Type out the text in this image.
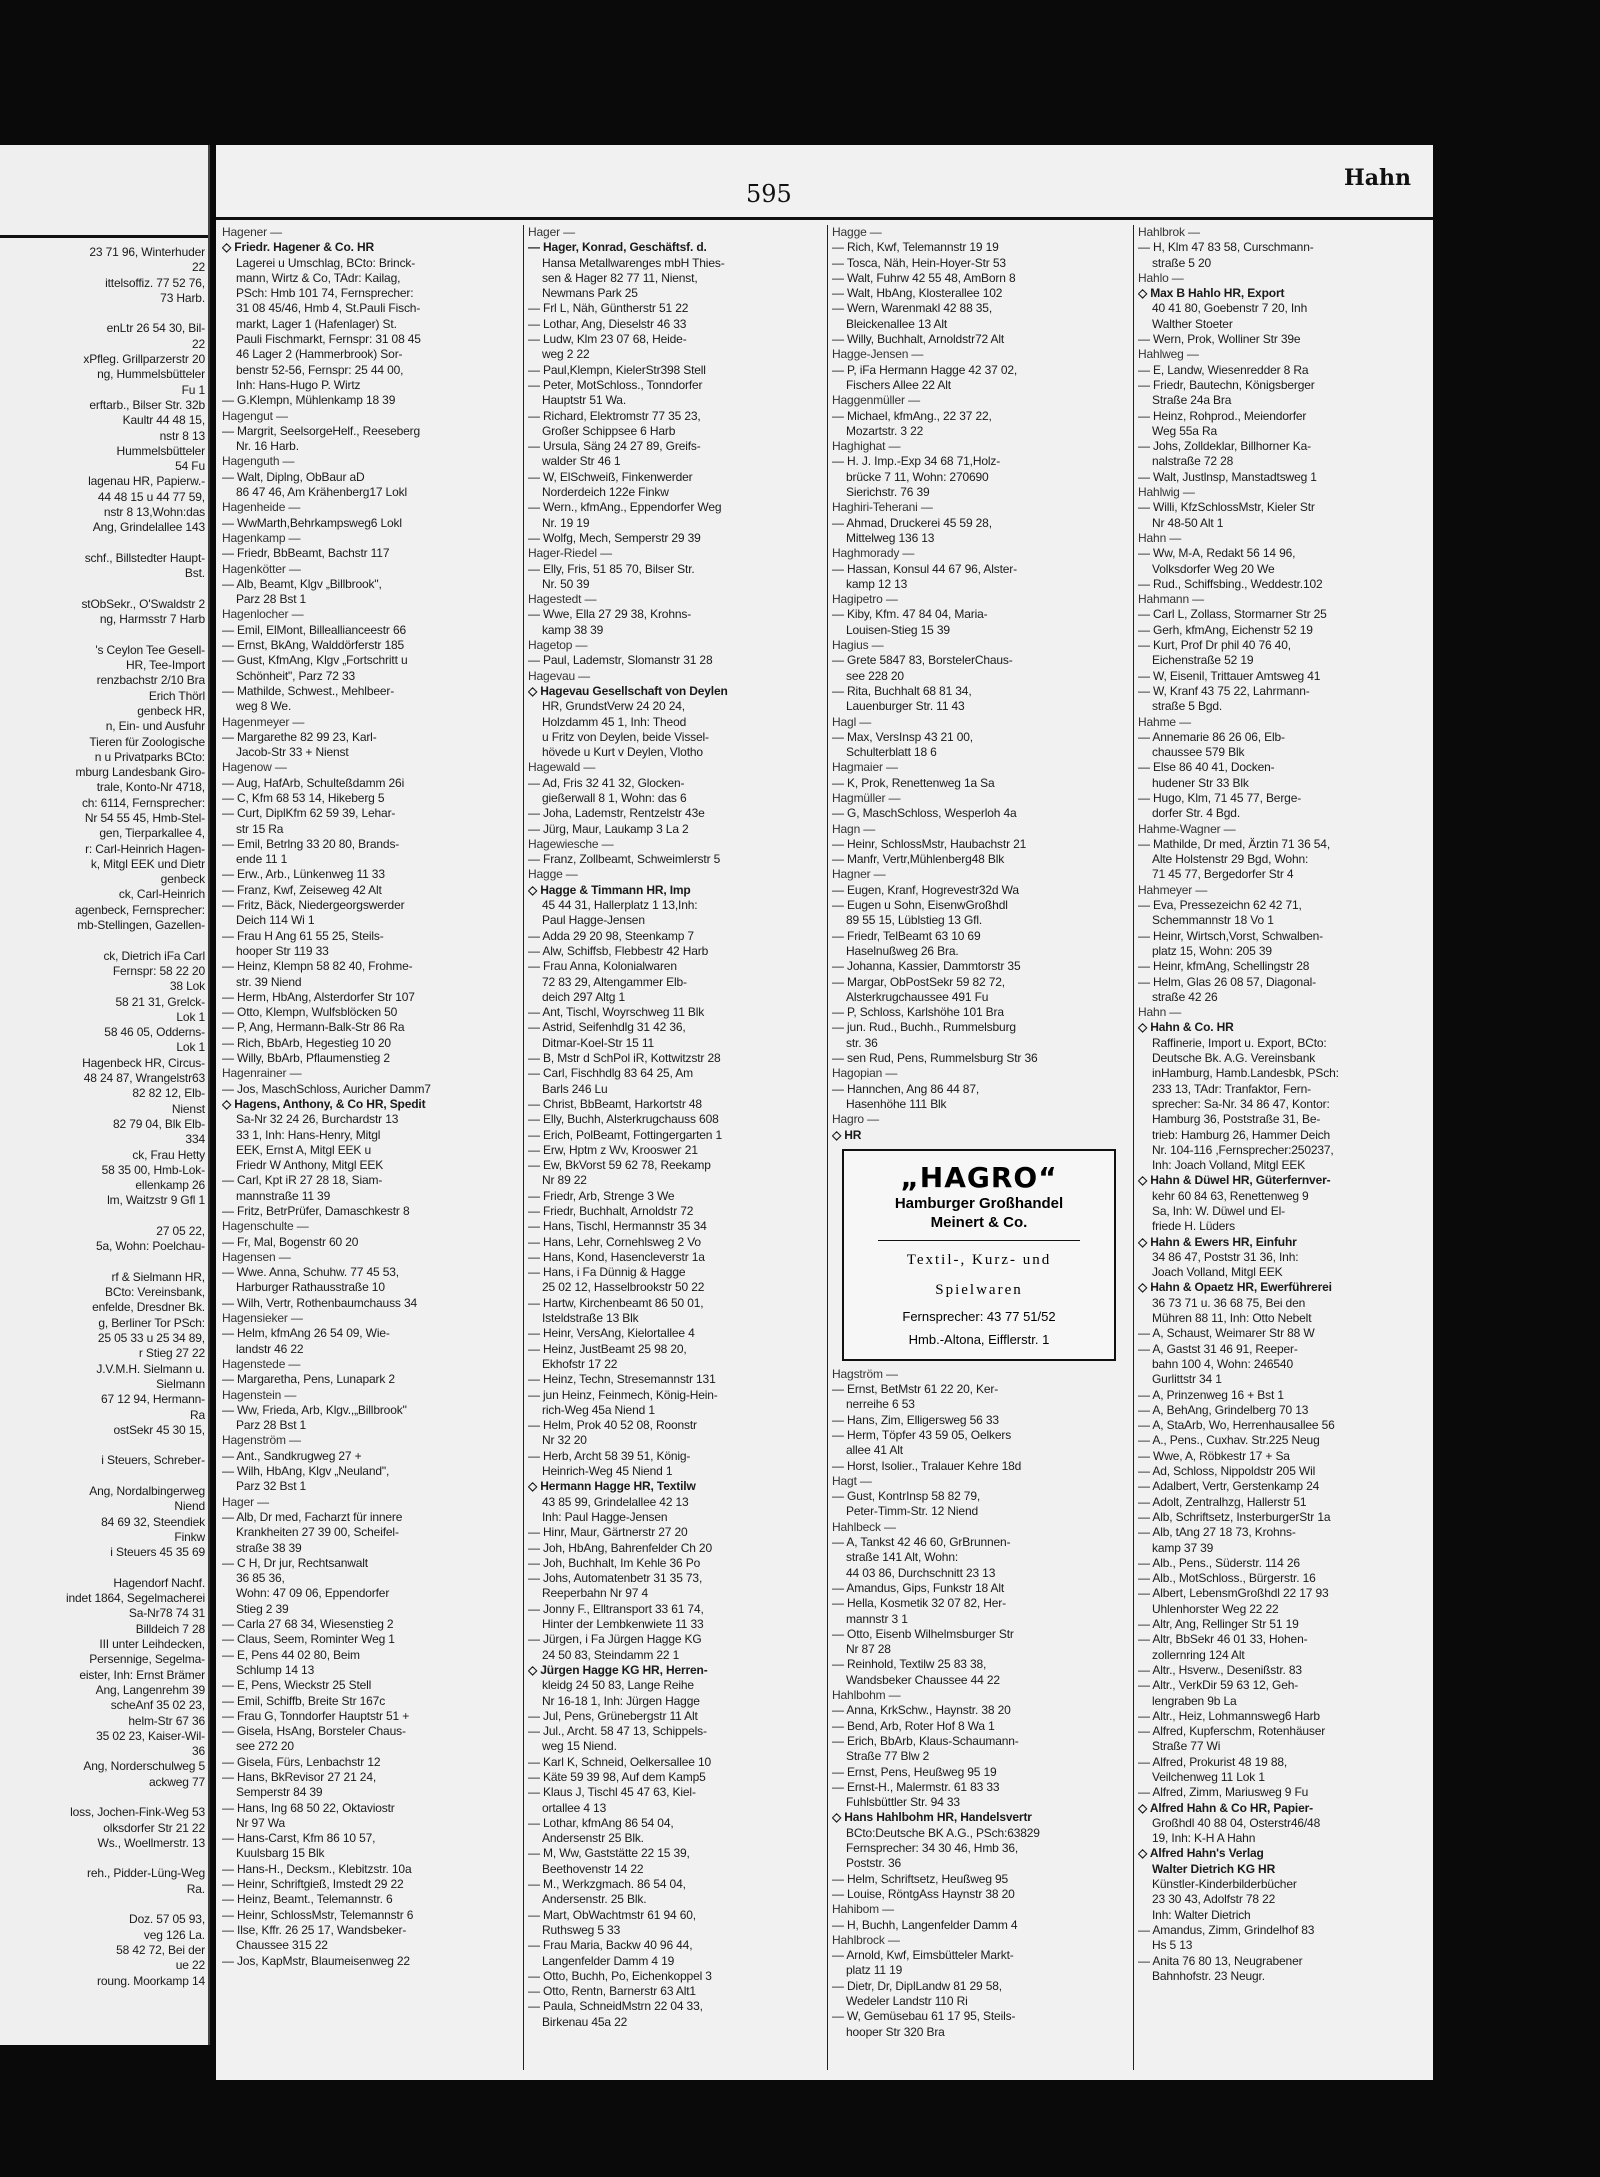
23 71 96, Winterhuder
22
ittelsoffiz. 77 52 76,
73 Harb.

enLtr 26 54 30, Bil-
22
xPfleg. Grillparzerstr 20
ng, Hummelsbütteler
Fu 1
erftarb., Bilser Str. 32b
Kaultr 44 48 15,
nstr 8 13
Hummelsbütteler
54 Fu
lagenau HR, Papierw.-
44 48 15 u 44 77 59,
nstr 8 13,Wohn:das
Ang, Grindelallee 143

schf., Billstedter Haupt-
Bst.

stObSekr., O'Swaldstr 2
ng, Harmsstr 7 Harb

's Ceylon Tee Gesell-
HR, Tee-Import
renzbachstr 2/10 Bra
Erich Thörl
genbeck HR,
n, Ein- und Ausfuhr
Tieren für Zoologische
n u Privatparks BCto:
mburg Landesbank Giro-
trale, Konto-Nr 4718,
ch: 6114, Fernsprecher:
Nr 54 55 45, Hmb-Stel-
gen, Tierparkallee 4,
r: Carl-Heinrich Hagen-
k, Mitgl EEK und Dietr
genbeck
ck, Carl-Heinrich
agenbeck, Fernsprecher:
mb-Stellingen, Gazellen-

ck, Dietrich iFa Carl
Fernspr: 58 22 20
38 Lok
58 21 31, Grelck-
Lok 1
58 46 05, Odderns-
Lok 1
Hagenbeck HR, Circus-
48 24 87, Wrangelstr63
82 82 12, Elb-
Nienst
82 79 04, Blk Elb-
334
ck, Frau Hetty
58 35 00, Hmb-Lok-
ellenkamp 26
lm, Waitzstr 9 Gfl 1

27 05 22,
5a, Wohn: Poelchau-

rf & Sielmann HR,
BCto: Vereinsbank,
enfelde, Dresdner Bk.
g, Berliner Tor PSch:
25 05 33 u 25 34 89,
r Stieg 27 22
J.V.M.H. Sielmann u.
Sielmann
67 12 94, Hermann-
Ra
ostSekr 45 30 15,

i Steuers, Schreber-

Ang, Nordalbingerweg
Niend
84 69 32, Steendiek
Finkw
i Steuers 45 35 69

Hagendorf Nachf.
indet 1864, Segelmacherei
Sa-Nr78 74 31
Billdeich 7 28
III unter Leihdecken,
Persennige, Segelma-
eister, Inh: Ernst Brämer
Ang, Langenrehm 39
scheAnf 35 02 23,
helm-Str 67 36
35 02 23, Kaiser-Wil-
36
Ang, Norderschulweg 5
ackweg 77

loss, Jochen-Fink-Weg 53
olksdorfer Str 21 22
Ws., Woellmerstr. 13

reh., Pidder-Lüng-Weg
Ra.

Doz. 57 05 93,
veg 126 La.
58 42 72, Bei der
ue 22
roung. Moorkamp 14
595
Hahn
Hagener —
◇ Friedr. Hagener & Co. HR
Lagerei u Umschlag, BCto: Brinck-
mann, Wirtz & Co, TAdr: Kailag,
PSch: Hmb 101 74, Fernsprecher:
31 08 45/46, Hmb 4, St.Pauli Fisch-
markt, Lager 1 (Hafenlager) St.
Pauli Fischmarkt, Fernspr: 31 08 45
46 Lager 2 (Hammerbrook) Sor-
benstr 52-56, Fernspr: 25 44 00,
Inh: Hans-Hugo P. Wirtz
— G.Klempn, Mühlenkamp 18 39
Hagengut —
— Margrit, SeelsorgeHelf., Reeseberg
Nr. 16 Harb.
Hagenguth —
— Walt, Diplng, ObBaur aD
86 47 46, Am Krähenberg17 Lokl
Hagenheide —
— WwMarth,Behrkampsweg6 Lokl
Hagenkamp —
— Friedr, BbBeamt, Bachstr 117
Hagenkötter —
— Alb, Beamt, Klgv „Billbrook",
Parz 28 Bst 1
Hagenlocher —
— Emil, ElMont, Billeallianceestr 66
— Ernst, BkAng, Walddörferstr 185
— Gust, KfmAng, Klgv „Fortschritt u
Schönheit", Parz 72 33
— Mathilde, Schwest., Mehlbeer-
weg 8 We.
Hagenmeyer —
— Margarethe 82 99 23, Karl-
Jacob-Str 33 + Nienst
Hagenow —
— Aug, HafArb, Schulteßdamm 26i
— C, Kfm 68 53 14, Hikeberg 5
— Curt, DiplKfm 62 59 39, Lehar-
str 15 Ra
— Emil, Betrlng 33 20 80, Brands-
ende 11 1
— Erw., Arb., Lünkenweg 11 33
— Franz, Kwf, Zeiseweg 42 Alt
— Fritz, Bäck, Niedergeorgswerder
Deich 114 Wi 1
— Frau H Ang 61 55 25, Steils-
hooper Str 119 33
— Heinz, Klempn 58 82 40, Frohme-
str. 39 Niend
— Herm, HbAng, Alsterdorfer Str 107
— Otto, Klempn, Wulfsblöcken 50
— P, Ang, Hermann-Balk-Str 86 Ra
— Rich, BbArb, Hegestieg 10 20
— Willy, BbArb, Pflaumenstieg 2
Hagenrainer —
— Jos, MaschSchloss, Auricher Damm7
◇ Hagens, Anthony, & Co HR, Spedit
Sa-Nr 32 24 26, Burchardstr 13
33 1, Inh: Hans-Henry, Mitgl
EEK, Ernst A, Mitgl EEK u
Friedr W Anthony, Mitgl EEK
— Carl, Kpt iR 27 28 18, Siam-
mannstraße 11 39
— Fritz, BetrPrüfer, Damaschkestr 8
Hagenschulte —
— Fr, Mal, Bogenstr 60 20
Hagensen —
— Wwe. Anna, Schuhw. 77 45 53,
Harburger Rathausstraße 10
— Wilh, Vertr, Rothenbaumchauss 34
Hagensieker —
— Helm, kfmAng 26 54 09, Wie-
landstr 46 22
Hagenstede —
— Margaretha, Pens, Lunapark 2
Hagenstein —
— Ww, Frieda, Arb, Klgv.,„Billbrook"
Parz 28 Bst 1
Hagenström —
— Ant., Sandkrugweg 27 +
— Wilh, HbAng, Klgv „Neuland",
Parz 32 Bst 1
Hager —
— Alb, Dr med, Facharzt für innere
Krankheiten 27 39 00, Scheifel-
straße 38 39
— C H, Dr jur, Rechtsanwalt
36 85 36,
Wohn: 47 09 06, Eppendorfer
Stieg 2 39
— Carla 27 68 34, Wiesenstieg 2
— Claus, Seem, Rominter Weg 1
— E, Pens 44 02 80, Beim
Schlump 14 13
— E, Pens, Wieckstr 25 Stell
— Emil, Schiffb, Breite Str 167c
— Frau G, Tonndorfer Hauptstr 51 +
— Gisela, HsAng, Borsteler Chaus-
see 272 20
— Gisela, Fürs, Lenbachstr 12
— Hans, BkRevisor 27 21 24,
Semperstr 84 39
— Hans, Ing 68 50 22, Oktaviostr
Nr 97 Wa
— Hans-Carst, Kfm 86 10 57,
Kuulsbarg 15 Blk
— Hans-H., Decksm., Klebitzstr. 10a
— Heinr, Schriftgieß, Imstedt 29 22
— Heinz, Beamt., Telemannstr. 6
— Heinr, SchlossMstr, Telemannstr 6
— Ilse, Kffr. 26 25 17, Wandsbeker-
Chaussee 315 22
— Jos, KapMstr, Blaumeisenweg 22
Hager —
— Hager, Konrad, Geschäftsf. d.
Hansa Metallwarenges mbH Thies-
sen & Hager 82 77 11, Nienst,
Newmans Park 25
— Frl L, Näh, Güntherstr 51 22
— Lothar, Ang, Dieselstr 46 33
— Ludw, Klm 23 07 68, Heide-
weg 2 22
— Paul,Klempn, KielerStr398 Stell
— Peter, MotSchloss., Tonndorfer
Hauptstr 51 Wa.
— Richard, Elektromstr 77 35 23,
Großer Schippsee 6 Harb
— Ursula, Säng 24 27 89, Greifs-
walder Str 46 1
— W, ElSchweiß, Finkenwerder
Norderdeich 122e Finkw
— Wern., kfmAng., Eppendorfer Weg
Nr. 19 19
— Wolfg, Mech, Semperstr 29 39
Hager-Riedel —
— Elly, Fris, 51 85 70, Bilser Str.
Nr. 50 39
Hagestedt —
— Wwe, Ella 27 29 38, Krohns-
kamp 38 39
Hagetop —
— Paul, Lademstr, Slomanstr 31 28
Hagevau —
◇ Hagevau Gesellschaft von Deylen
HR, GrundstVerw 24 20 24,
Holzdamm 45 1, Inh: Theod
u Fritz von Deylen, beide Vissel-
hövede u Kurt v Deylen, Vlotho
Hagewald —
— Ad, Fris 32 41 32, Glocken-
gießerwall 8 1, Wohn: das 6
— Joha, Lademstr, Rentzelstr 43e
— Jürg, Maur, Laukamp 3 La 2
Hagewiesche —
— Franz, Zollbeamt, Schweimlerstr 5
Hagge —
◇ Hagge & Timmann HR, Imp
45 44 31, Hallerplatz 1 13,Inh:
Paul Hagge-Jensen
— Adda 29 20 98, Steenkamp 7
— Alw, Schiffsb, Flebbestr 42 Harb
— Frau Anna, Kolonialwaren
72 83 29, Altengammer Elb-
deich 297 Altg 1
— Ant, Tischl, Woyrschweg 11 Blk
— Astrid, Seifenhdlg 31 42 36,
Ditmar-Koel-Str 15 11
— B, Mstr d SchPol iR, Kottwitzstr 28
— Carl, Fischhdlg 83 64 25, Am
Barls 246 Lu
— Christ, BbBeamt, Harkortstr 48
— Elly, Buchh, Alsterkrugchauss 608
— Erich, PolBeamt, Fottingergarten 1
— Erw, Hptm z Wv, Krooswег 21
— Ew, BkVorst 59 62 78, Reekamp
Nr 89 22
— Friedr, Arb, Strenge 3 We
— Friedr, Buchhalt, Arnoldstr 72
— Hans, Tischl, Hermannstr 35 34
— Hans, Lehr, Cornehlsweg 2 Vo
— Hans, Kond, Hasencleverstr 1a
— Hans, i Fa Dünnig & Hagge
25 02 12, Hasselbrookstr 50 22
— Hartw, Kirchenbeamt 86 50 01,
Isteldstraße 13 Blk
— Heinr, VersAng, Kielortallee 4
— Heinz, JustBeamt 25 98 20,
Ekhofstr 17 22
— Heinz, Techn, Stresemannstr 131
— jun Heinz, Feinmech, König-Hein-
rich-Weg 45a Niend 1
— Helm, Prok 40 52 08, Roonstr
Nr 32 20
— Herb, Archt 58 39 51, König-
Heinrich-Weg 45 Niend 1
◇ Hermann Hagge HR, Textilw
43 85 99, Grindelallee 42 13
Inh: Paul Hagge-Jensen
— Hinr, Maur, Gärtnerstr 27 20
— Joh, HbAng, Bahrenfelder Ch 20
— Joh, Buchhalt, Im Kehle 36 Po
— Johs, Automatenbetr 31 35 73,
Reeperbahn Nr 97 4
— Jonny F., Elltransport 33 61 74,
Hinter der Lembkenwiete 11 33
— Jürgen, i Fa Jürgen Hagge KG
24 50 83, Steindamm 22 1
◇ Jürgen Hagge KG HR, Herren-
kleidg 24 50 83, Lange Reihe
Nr 16-18 1, Inh: Jürgen Hagge
— Jul, Pens, Grünebergstr 11 Alt
— Jul., Archt. 58 47 13, Schippels-
weg 15 Niend.
— Karl K, Schneid, Oelkersallee 10
— Käte 59 39 98, Auf dem Kamp5
— Klaus J, Tischl 45 47 63, Kiel-
ortallee 4 13
— Lothar, kfmAng 86 54 04,
Andersenstr 25 Blk.
— M, Ww, Gaststätte 22 15 39,
Beethovenstr 14 22
— M., Werkzgmach. 86 54 04,
Andersenstr. 25 Blk.
— Mart, ObWachtmstr 61 94 60,
Ruthsweg 5 33
— Frau Maria, Backw 40 96 44,
Langenfelder Damm 4 19
— Otto, Buchh, Po, Eichenkoppel 3
— Otto, Rentn, Barnerstr 63 Alt1
— Paula, SchneidMstrn 22 04 33,
Birkenau 45a 22
Hagge —
— Rich, Kwf, Telemannstr 19 19
— Tosca, Näh, Hein-Hoyer-Str 53
— Walt, Fuhrw 42 55 48, AmBorn 8
— Walt, HbAng, Klosterallee 102
— Wern, Warenmakl 42 88 35,
Bleickenallee 13 Alt
— Willy, Buchhalt, Arnoldstr72 Alt
Hagge-Jensen —
— P, iFa Hermann Hagge 42 37 02,
Fischers Allee 22 Alt
Haggenmüller —
— Michael, kfmAng., 22 37 22,
Mozartstr. 3 22
Haghighat —
— H. J. Imp.-Exp 34 68 71,Holz-
brücke 7 11, Wohn: 270690
Sierichstr. 76 39
Haghiri-Teherani —
— Ahmad, Druckerei 45 59 28,
Mittelweg 136 13
Haghmorady —
— Hassan, Konsul 44 67 96, Alster-
kamp 12 13
Hagipetro —
— Kiby, Kfm. 47 84 04, Maria-
Louisen-Stieg 15 39
Hagius —
— Grete 5847 83, BorstelerChaus-
see 228 20
— Rita, Buchhalt 68 81 34,
Lauenburger Str. 11 43
Hagl —
— Max, VersInsp 43 21 00,
Schulterblatt 18 6
Hagmaier —
— K, Prok, Renettenweg 1a Sa
Hagmüller —
— G, MaschSchloss, Wesperloh 4a
Hagn —
— Heinr, SchlossMstr, Haubachstr 21
— Manfr, Vertr,Mühlenberg48 Blk
Hagner —
— Eugen, Kranf, Hogrevestr32d Wa
— Eugen u Sohn, EisenwGroßhdl
89 55 15, Lüblstieg 13 Gfl.
— Friedr, TelBeamt 63 10 69
Haselnußweg 26 Bra.
— Johanna, Kassier, Dammtorstr 35
— Margar, ObPostSekr 59 82 72,
Alsterkrugchaussee 491 Fu
— P, Schloss, Karlshöhe 101 Bra
— jun. Rud., Buchh., Rummelsburg
str. 36
— sen Rud, Pens, Rummelsburg Str 36
Hagopian —
— Hannchen, Ang 86 44 87,
Hasenhöhe 111 Blk
Hagro —
◇ HR
„HAGRO“
Hamburger Großhandel
Meinert & Co.
Textil-, Kurz- und
Spielwaren
Fernsprecher: 43 77 51/52
Hmb.-Altona, Eifflerstr. 1
Hagström —
— Ernst, BetMstr 61 22 20, Ker-
nerreihe 6 53
— Hans, Zim, Elligersweg 56 33
— Herm, Töpfer 43 59 05, Oelkers
allee 41 Alt
— Horst, Isolier., Tralauer Kehre 18d
Hagt —
— Gust, KontrInsp 58 82 79,
Peter-Timm-Str. 12 Niend
Hahlbeck —
— A, Tankst 42 46 60, GrBrunnen-
straße 141 Alt, Wohn:
44 03 86, Durchschnitt 23 13
— Amandus, Gips, Funkstr 18 Alt
— Hella, Kosmetik 32 07 82, Her-
mannstr 3 1
— Otto, Eisenb Wilhelmsburger Str
Nr 87 28
— Reinhold, Textilw 25 83 38,
Wandsbeker Chaussee 44 22
Hahlbohm —
— Anna, KrkSchw., Haynstr. 38 20
— Bend, Arb, Roter Hof 8 Wa 1
— Erich, BbArb, Klaus-Schaumann-
Straße 77 Blw 2
— Ernst, Pens, Heußweg 95 19
— Ernst-H., Malermstr. 61 83 33
Fuhlsbüttler Str. 94 33
◇ Hans Hahlbohm HR, Handelsvertr
BCto:Deutsche BK A.G., PSch:63829
Fernsprecher: 34 30 46, Hmb 36,
Poststr. 36
— Helm, Schriftsetz, Heußweg 95
— Louise, RöntgAss Haynstr 38 20
Hahibom —
— H, Buchh, Langenfelder Damm 4
Hahlbrock —
— Arnold, Kwf, Eimsbütteler Markt-
platz 11 19
— Dietr, Dr, DiplLandw 81 29 58,
Wedeler Landstr 110 Ri
— W, Gemüsebau 61 17 95, Steils-
hooper Str 320 Bra
Hahlbrok —
— H, Klm 47 83 58, Curschmann-
straße 5 20
Hahlo —
◇ Max B Hahlo HR, Export
40 41 80, Goebenstr 7 20, Inh
Walther Stoeter
— Wern, Prok, Wolliner Str 39e
Hahlweg —
— E, Landw, Wiesenredder 8 Ra
— Friedr, Bautechn, Königsberger
Straße 24a Bra
— Heinz, Rohprod., Meiendorfer
Weg 55a Ra
— Johs, Zolldeklar, Billhorner Ka-
nalstraße 72 28
— Walt, Justlnsp, Manstadtsweg 1
Hahlwig —
— Willi, KfzSchlossMstr, Kieler Str
Nr 48-50 Alt 1
Hahn —
— Ww, M-A, Redakt 56 14 96,
Volksdorfer Weg 20 We
— Rud., Schiffsbing., Weddestr.102
Hahmann —
— Carl L, Zollass, Stormarner Str 25
— Gerh, kfmAng, Eichenstr 52 19
— Kurt, Prof Dr phil 40 76 40,
Eichenstraße 52 19
— W, Eisenil, Trittauer Amtsweg 41
— W, Kranf 43 75 22, Lahrmann-
straße 5 Bgd.
Hahme —
— Annemarie 86 26 06, Elb-
chaussee 579 Blk
— Else 86 40 41, Docken-
hudener Str 33 Blk
— Hugo, Klm, 71 45 77, Berge-
dorfer Str. 4 Bgd.
Hahme-Wagner —
— Mathilde, Dr med, Ärztin 71 36 54,
Alte Holstenstr 29 Bgd, Wohn:
71 45 77, Bergedorfer Str 4
Hahmeyer —
— Eva, Pressezeichn 62 42 71,
Schemmannstr 18 Vo 1
— Heinr, Wirtsch,Vorst, Schwalben-
platz 15, Wohn: 205 39
— Heinr, kfmAng, Schellingstr 28
— Helm, Glas 26 08 57, Diagonal-
straße 42 26
Hahn —
◇ Hahn & Co. HR
Raffinerie, Import u. Export, BCto:
Deutsche Bk. A.G. Vereinsbank
inHamburg, Hamb.Landesbk, PSch:
233 13, TAdr: Tranfaktor, Fern-
sprecher: Sa-Nr. 34 86 47, Kontor:
Hamburg 36, Poststraße 31, Be-
trieb: Hamburg 26, Hammer Deich
Nr. 104-116 ,Fernsprecher:250237,
Inh: Joach Volland, Mitgl EEK
◇ Hahn & Düwel HR, Güterfernver-
kehr 60 84 63, Renettenweg 9
Sa, Inh: W. Düwel und El-
friede H. Lüders
◇ Hahn & Ewers HR, Einfuhr
34 86 47, Poststr 31 36, Inh:
Joach Volland, Mitgl EEK
◇ Hahn & Opaetz HR, Ewerführerei
36 73 71 u. 36 68 75, Bei den
Mühren 88 11, Inh: Otto Nebelt
— A, Schaust, Weimarer Str 88 W
— A, Gastst 31 46 91, Reeper-
bahn 100 4, Wohn: 246540
Gurlittstr 34 1
— A, Prinzenweg 16 + Bst 1
— A, BehAng, Grindelberg 70 13
— A, StaArb, Wo, Herrenhausallee 56
— A., Pens., Cuxhav. Str.225 Neug
— Wwe, A, Röbkestr 17 + Sa
— Ad, Schloss, Nippoldstr 205 Wil
— Adalbert, Vertr, Gerstenkamp 24
— Adolt, Zentralhzg, Hallerstr 51
— Alb, Schriftsetz, InsterburgerStr 1a
— Alb, tAng 27 18 73, Krohns-
kamp 37 39
— Alb., Pens., Süderstr. 114 26
— Alb., MotSchloss., Bürgerstr. 16
— Albert, LebensmGroßhdl 22 17 93
Uhlenhorster Weg 22 22
— Altr, Ang, Rellinger Str 51 19
— Altr, BbSekr 46 01 33, Hohen-
zollernring 124 Alt
— Altr., Hsverw., Desenißstr. 83
— Altr., VerkDir 59 63 12, Geh-
lengraben 9b La
— Altr., Heiz, Lohmannsweg6 Harb
— Alfred, Kupferschm, Rotenhäuser
Straße 77 Wi
— Alfred, Prokurist 48 19 88,
Veilchenweg 11 Lok 1
— Alfred, Zimm, Mariusweg 9 Fu
◇ Alfred Hahn & Co HR, Papier-
Großhdl 40 88 04, Osterstr46/48
19, Inh: K-H A Hahn
◇ Alfred Hahn's Verlag
Walter Dietrich KG HR
Künstler-Kinderbilderbücher
23 30 43, Adolfstr 78 22
Inh: Walter Dietrich
— Amandus, Zimm, Grindelhof 83
Hs 5 13
— Anita 76 80 13, Neugrabener
Bahnhofstr. 23 Neugr.
